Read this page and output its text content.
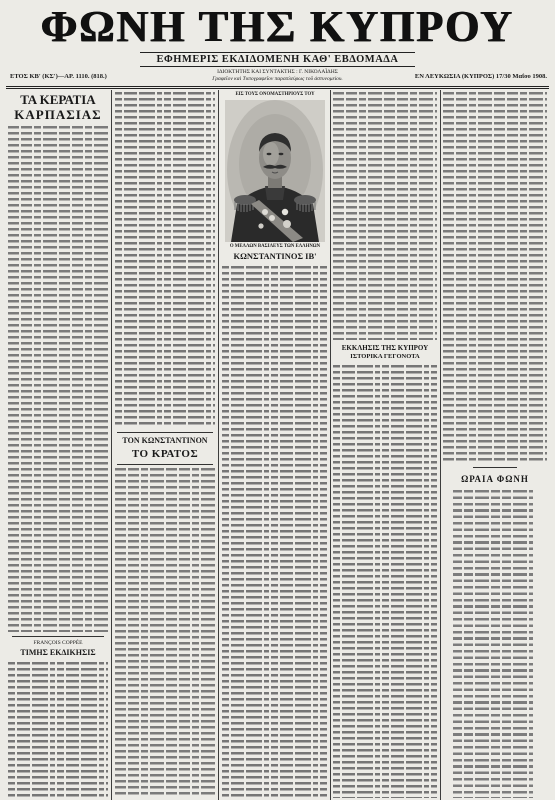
ΦΩΝΗ ΤΗΣ ΚΥΠΡΟΥ
ΕΦΗΜΕΡΙΣ ΕΚΔΙΔΟΜΕΝΗ ΚΑΘ' ΕΒΔΟΜΑΔΑ
ΕΤΟΣ ΚΒ' (ΚΣ')—ΑΡ. 1110. (818.)
ΙΔΙΟΚΤΗΤΗΣ ΚΑΙ ΣΥΝΤΑΚΤΗΣ : Γ. ΝΙΚΟΛΑΪΔΗΣ
Γραφεῖον καὶ Τυπογραφεῖον παραπλεύρως τοῦ ἀστυνομείου.	ΕΝ ΛΕΥΚΩΣΙΑ (ΚΥΠΡΟΣ) 17/30 Μαΐου 1908.
ΤΑ ΚΕΡΑΤΙΑ
ΚΑΡΠΑΣΙΑΣ
FRANÇOIS COPPÉE
ΤΙΜΗΣ ΕΚΔΙΚΗΣΙΣ
ΤΟΝ ΚΩΝΣΤΑΝΤΙΝΟΝ
ΤΟ ΚΡΑΤΟΣ
ΕΙΣ ΤΟΥΣ ΟΝΟΜΑΣΤΗΡΙΟΥΣ ΤΟΥ
Ο ΜΕΛΛΩΝ ΒΑΣΙΛΕΥΣ ΤΩΝ ΕΛΛΗΝΩΝ
ΚΩΝΣΤΑΝΤΙΝΟΣ ΙΒ'
ΕΚΚΛΗΣΙΣ ΤΗΣ ΚΥΠΡΟΥ
ΙΣΤΟΡΙΚΑ ΓΕΓΟΝΟΤΑ
ΩΡΑΙΑ ΦΩΝΗ
